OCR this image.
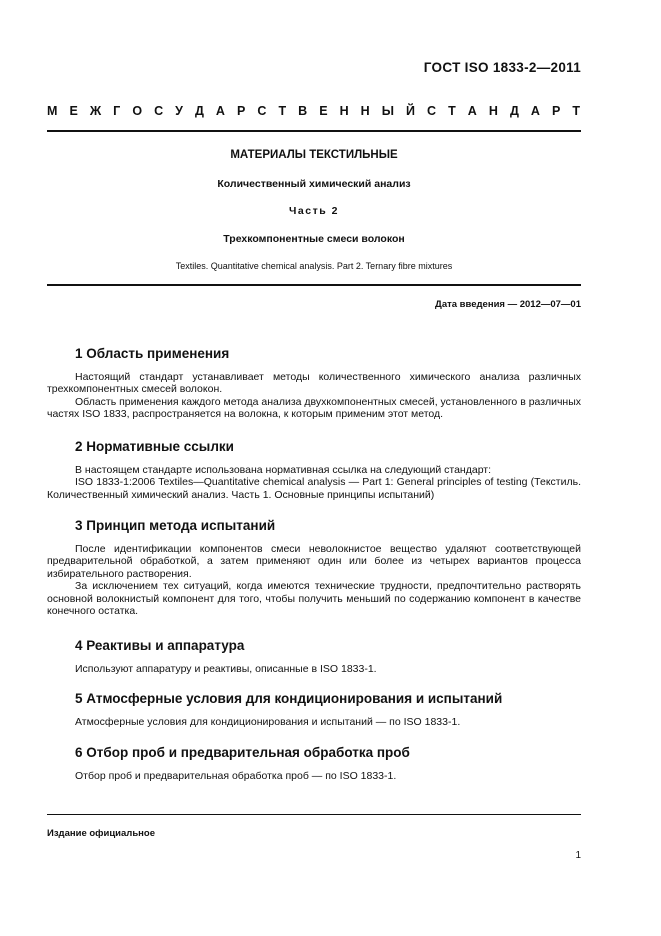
ГОСТ ISO 1833-2—2011
М Е Ж Г О С У Д А Р С Т В Е Н Н Ы Й С Т А Н Д А Р Т
МАТЕРИАЛЫ ТЕКСТИЛЬНЫЕ
Количественный химический анализ
Часть 2
Трехкомпонентные смеси волокон
Textiles. Quantitative chemical analysis. Part 2. Ternary fibre mixtures
Дата введения — 2012—07—01
1 Область применения

Настоящий стандарт устанавливает методы количественного химического анализа различных трехкомпонентных смесей волокон.

Область применения каждого метода анализа двухкомпонентных смесей, установленного в различных частях ISO 1833, распространяется на волокна, к которым применим этот метод.

2 Нормативные ссылки

В настоящем стандарте использована нормативная ссылка на следующий стандарт:

ISO 1833-1:2006 Textiles—Quantitative chemical analysis — Part 1: General principles of testing (Текстиль. Количественный химический анализ. Часть 1. Основные принципы испытаний)

3 Принцип метода испытаний

После идентификации компонентов смеси неволокнистое вещество удаляют соответствующей предварительной обработкой, а затем применяют один или более из четырех вариантов процесса избирательного растворения.

За исключением тех ситуаций, когда имеются технические трудности, предпочтительно растворять основной волокнистый компонент для того, чтобы получить меньший по содержанию компонент в качестве конечного остатка.

4 Реактивы и аппаратура

Используют аппаратуру и реактивы, описанные в ISO 1833-1.

5 Атмосферные условия для кондиционирования и испытаний

Атмосферные условия для кондиционирования и испытаний — по ISO 1833-1.

6 Отбор проб и предварительная обработка проб

Отбор проб и предварительная обработка проб — по ISO 1833-1.

Издание официальное
1
